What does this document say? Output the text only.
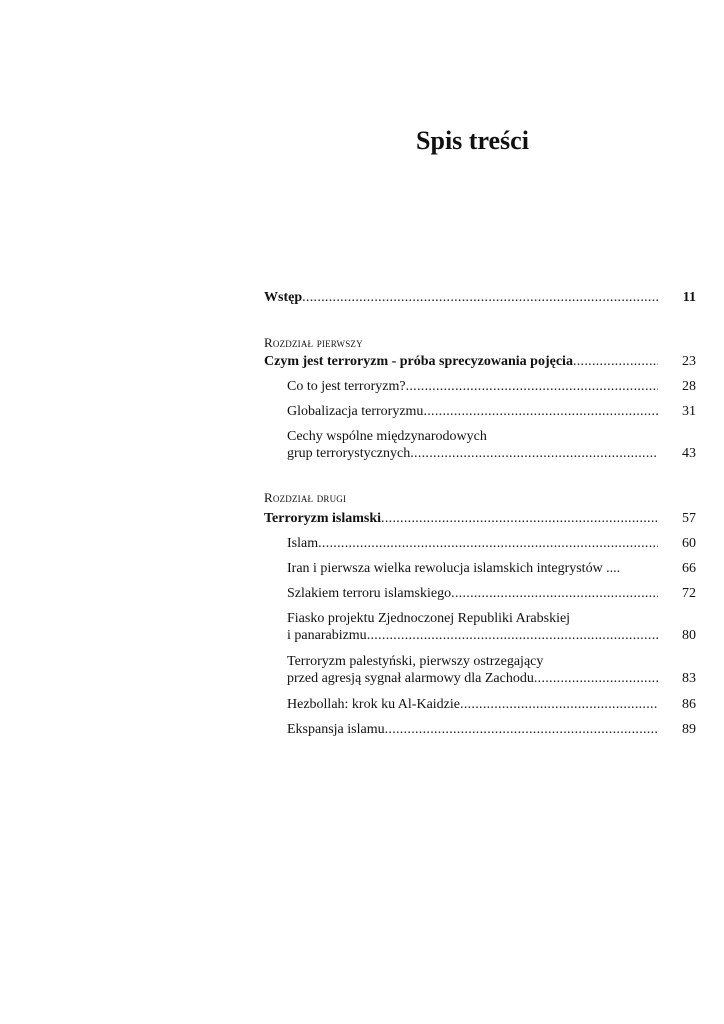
Spis treści
Wstęp . . .	11
Rozdział pierwszy
Czym jest terroryzm - próba sprecyzowania pojęcia . . .	23
Co to jest terroryzm? . . .	28
Globalizacja terroryzmu . . .	31
Cechy wspólne międzynarodowych
grup terrorystycznych . . .	43
Rozdział drugi
Terroryzm islamski . . .	57
Islam . . .	60
Iran i pierwsza wielka rewolucja islamskich integrystów ....	66
Szlakiem terroru islamskiego . . .	72
Fiasko projektu Zjednoczonej Republiki Arabskiej
i panarabizmu . . .	80
Terroryzm palestyński, pierwszy ostrzegający
przed agresją sygnał alarmowy dla Zachodu . . .	83
Hezbollah: krok ku Al-Kaidzie . . .	86
Ekspansja islamu . . .	89
